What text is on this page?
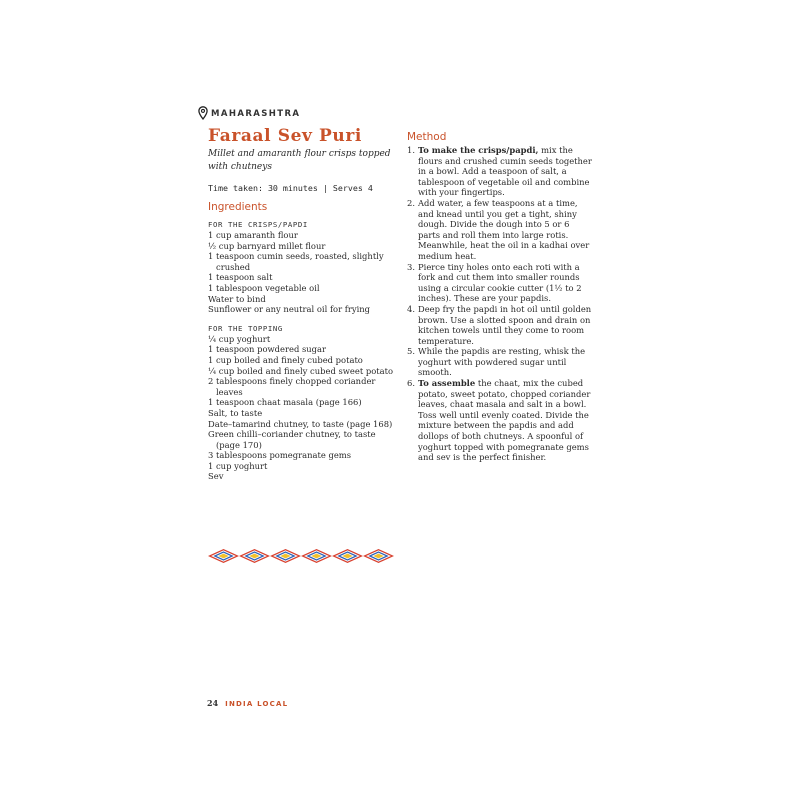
MAHARASHTRA
Faraal Sev Puri
Millet and amaranth flour crisps topped
with chutneys
Time taken: 30 minutes | Serves 4
Ingredients
FOR THE CRISPS/PAPDI
1 cup amaranth flour
½ cup barnyard millet flour
1 teaspoon cumin seeds, roasted, slightly crushed
1 teaspoon salt
1 tablespoon vegetable oil
Water to bind
Sunflower or any neutral oil for frying
FOR THE TOPPING
¼ cup yoghurt
1 teaspoon powdered sugar
1 cup boiled and finely cubed potato
¼ cup boiled and finely cubed sweet potato
2 tablespoons finely chopped coriander leaves
1 teaspoon chaat masala (page 166)
Salt, to taste
Date–tamarind chutney, to taste (page 168)
Green chilli–coriander chutney, to taste (page 170)
3 tablespoons pomegranate gems
1 cup yoghurt
Sev
Method
1. To make the crisps/papdi, mix the flours and crushed cumin seeds together in a bowl. Add a teaspoon of salt, a tablespoon of vegetable oil and combine with your fingertips.
2. Add water, a few teaspoons at a time, and knead until you get a tight, shiny dough. Divide the dough into 5 or 6 parts and roll them into large rotis. Meanwhile, heat the oil in a kadhai over medium heat.
3. Pierce tiny holes onto each roti with a fork and cut them into smaller rounds using a circular cookie cutter (1½ to 2 inches). These are your papdis.
4. Deep fry the papdi in hot oil until golden brown. Use a slotted spoon and drain on kitchen towels until they come to room temperature.
5. While the papdis are resting, whisk the yoghurt with powdered sugar until smooth.
6. To assemble the chaat, mix the cubed potato, sweet potato, chopped coriander leaves, chaat masala and salt in a bowl. Toss well until evenly coated. Divide the mixture between the papdis and add dollops of both chutneys. A spoonful of yoghurt topped with pomegranate gems and sev is the perfect finisher.
24 INDIA LOCAL
